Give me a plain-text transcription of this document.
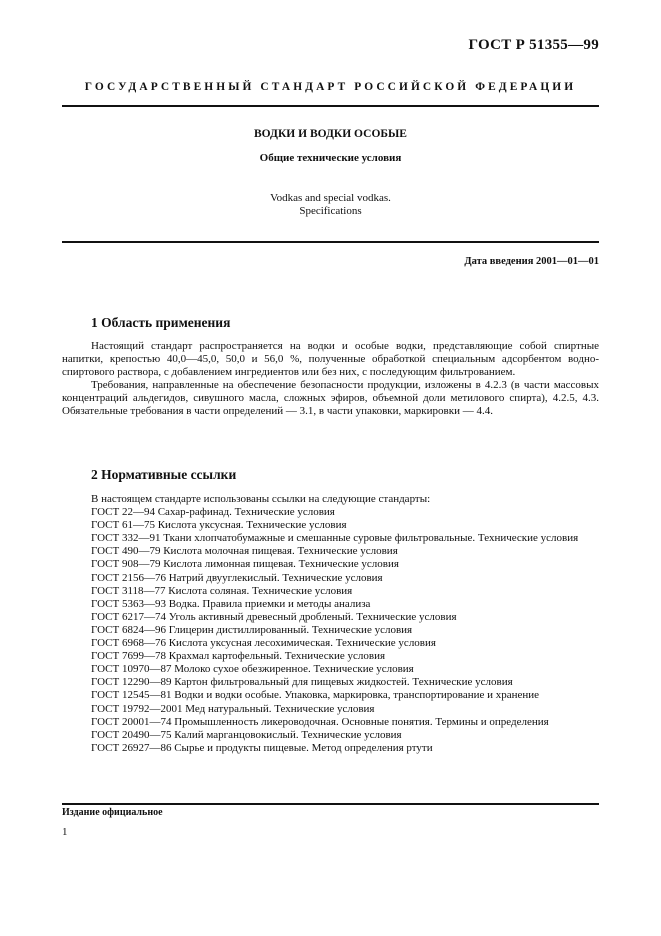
ГОСТ Р 51355—99
ГОСУДАРСТВЕННЫЙ СТАНДАРТ РОССИЙСКОЙ ФЕДЕРАЦИИ
ВОДКИ И ВОДКИ ОСОБЫЕ
Общие технические условия
Vodkas and special vodkas.
Specifications
Дата введения 2001—01—01
1 Область применения

Настоящий стандарт распространяется на водки и особые водки, представляющие собой спиртные напитки, крепостью 40,0—45,0, 50,0 и 56,0 %, полученные обработкой специальным адсорбентом водно-спиртового раствора, с добавлением ингредиентов или без них, с последующим фильтрованием.

Требования, направленные на обеспечение безопасности продукции, изложены в 4.2.3 (в части массовых концентраций альдегидов, сивушного масла, сложных эфиров, объемной доли метилового спирта), 4.2.5, 4.3. Обязательные требования в части определений — 3.1, в части упаковки, маркировки — 4.4.

2 Нормативные ссылки

В настоящем стандарте использованы ссылки на следующие стандарты:

ГОСТ 22—94 Сахар-рафинад. Технические условия
ГОСТ 61—75 Кислота уксусная. Технические условия
ГОСТ 332—91 Ткани хлопчатобумажные и смешанные суровые фильтровальные. Технические условия
ГОСТ 490—79 Кислота молочная пищевая. Технические условия
ГОСТ 908—79 Кислота лимонная пищевая. Технические условия
ГОСТ 2156—76 Натрий двууглекислый. Технические условия
ГОСТ 3118—77 Кислота соляная. Технические условия
ГОСТ 5363—93 Водка. Правила приемки и методы анализа
ГОСТ 6217—74 Уголь активный древесный дробленый. Технические условия
ГОСТ 6824—96 Глицерин дистиллированный. Технические условия
ГОСТ 6968—76 Кислота уксусная лесохимическая. Технические условия
ГОСТ 7699—78 Крахмал картофельный. Технические условия
ГОСТ 10970—87 Молоко сухое обезжиренное. Технические условия
ГОСТ 12290—89 Картон фильтровальный для пищевых жидкостей. Технические условия
ГОСТ 12545—81 Водки и водки особые. Упаковка, маркировка, транспортирование и хранение
ГОСТ 19792—2001 Мед натуральный. Технические условия
ГОСТ 20001—74 Промышленность ликероводочная. Основные понятия. Термины и определения
ГОСТ 20490—75 Калий марганцовокислый. Технические условия
ГОСТ 26927—86 Сырье и продукты пищевые. Метод определения ртути
Издание официальное
1
